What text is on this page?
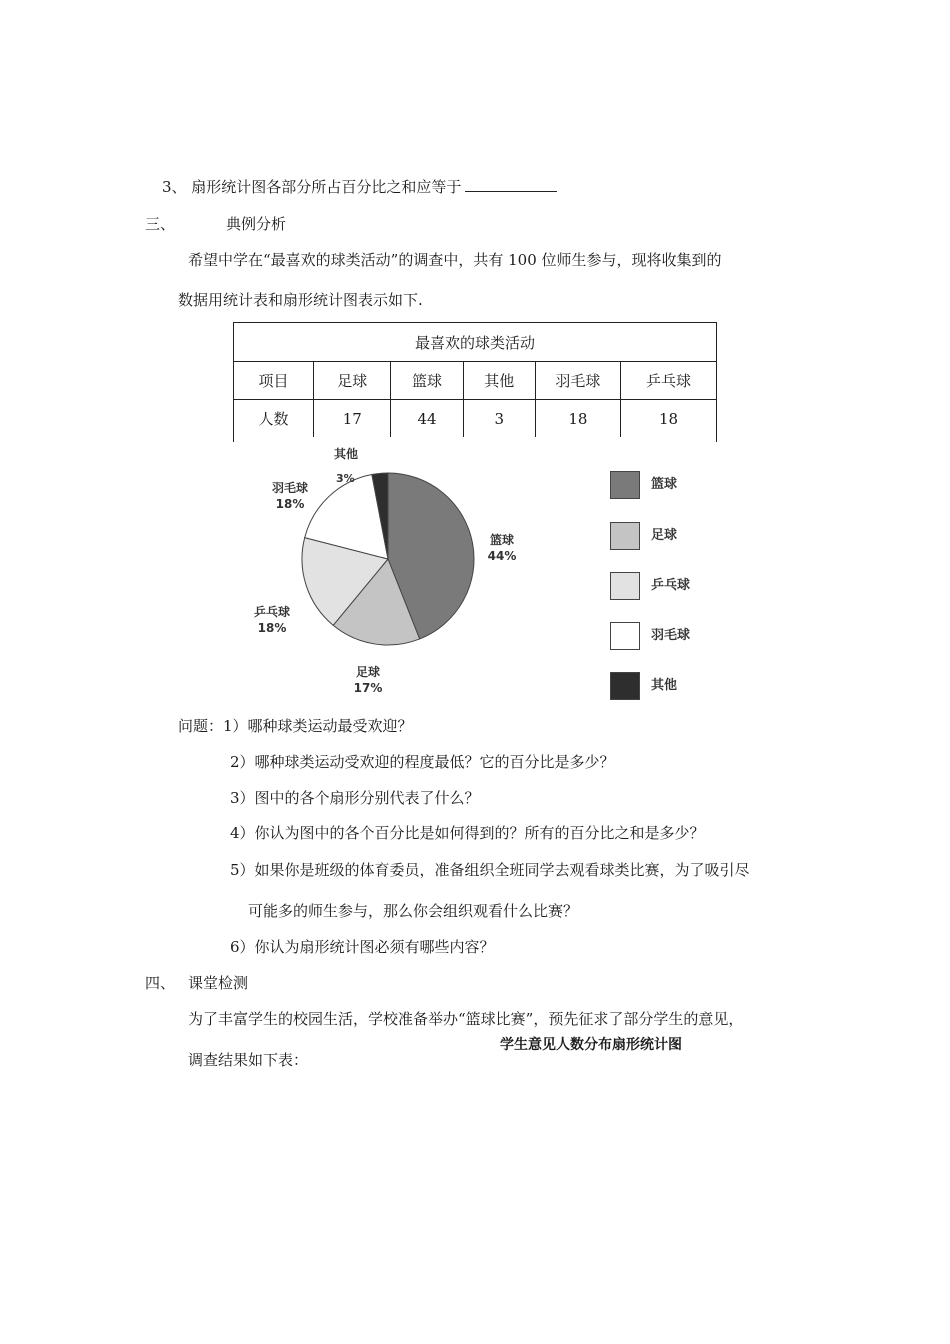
3、 扇形统计图各部分所占百分比之和应等于
三、	典例分析
希望中学在“最喜欢的球类活动”的调查中，共有 100 位师生参与，现将收集到的
数据用统计表和扇形统计图表示如下.
最喜欢的球类活动					
项目	足球	篮球	其他	羽毛球	乒乓球
人数	17	44	3	18	18
其他 3%
羽毛球
18%
篮球
44%
乒乓球
18%
足球
17%
篮球
足球
乒乓球
羽毛球
其他
问题：1）哪种球类运动最受欢迎？
2）哪种球类运动受欢迎的程度最低？它的百分比是多少？
3）图中的各个扇形分别代表了什么？
4）你认为图中的各个百分比是如何得到的？所有的百分比之和是多少？
5）如果你是班级的体育委员，准备组织全班同学去观看球类比赛，为了吸引尽
可能多的师生参与，那么你会组织观看什么比赛？
6）你认为扇形统计图必须有哪些内容？
四、 课堂检测
为了丰富学生的校园生活，学校准备举办“篮球比赛”，预先征求了部分学生的意见，
调查结果如下表：
学生意见人数分布扇形统计图
